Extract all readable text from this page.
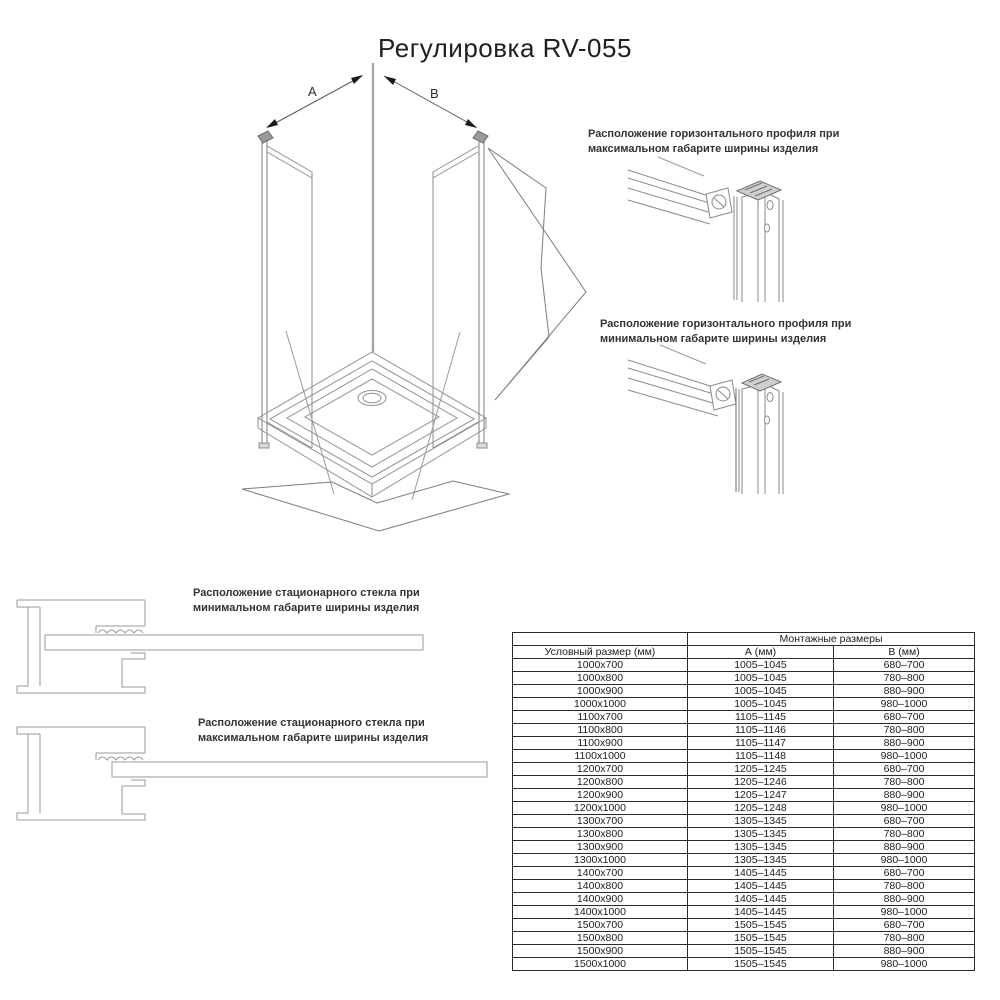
Регулировка RV-055
A	B
Расположение горизонтального профиля при максимальном габарите ширины изделия
Расположение горизонтального профиля при минимальном габарите ширины изделия
Расположение стационарного стекла при минимальном габарите ширины изделия
Расположение стационарного стекла при максимальном габарите ширины изделия
	Монтажные размеры	
Условный размер (мм)	А (мм)	В (мм)
1000x700	1005–1045	680–700
1000x800	1005–1045	780–800
1000x900	1005–1045	880–900
1000x1000	1005–1045	980–1000
1100x700	1105–1145	680–700
1100x800	1105–1146	780–800
1100x900	1105–1147	880–900
1100x1000	1105–1148	980–1000
1200x700	1205–1245	680–700
1200x800	1205–1246	780–800
1200x900	1205–1247	880–900
1200x1000	1205–1248	980–1000
1300x700	1305–1345	680–700
1300x800	1305–1345	780–800
1300x900	1305–1345	880–900
1300x1000	1305–1345	980–1000
1400x700	1405–1445	680–700
1400x800	1405–1445	780–800
1400x900	1405–1445	880–900
1400x1000	1405–1445	980–1000
1500x700	1505–1545	680–700
1500x800	1505–1545	780–800
1500x900	1505–1545	880–900
1500x1000	1505–1545	980–1000
